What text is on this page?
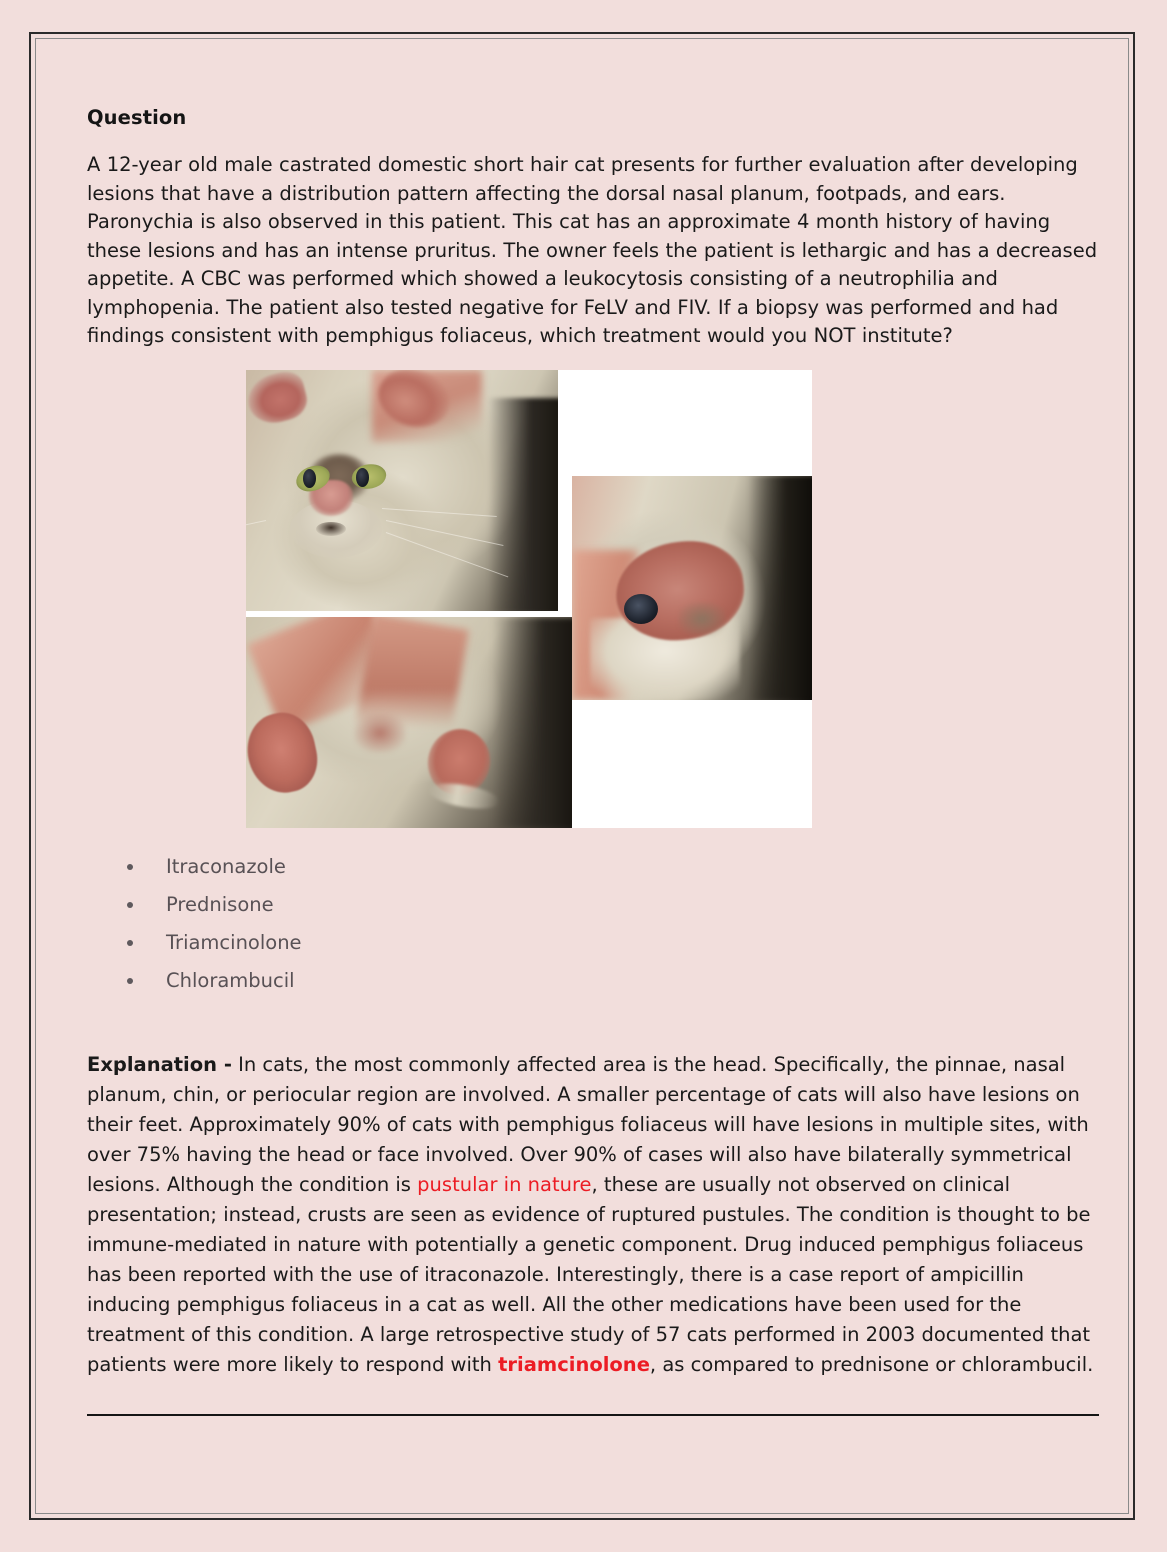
Question

A 12-year old male castrated domestic short hair cat presents for further evaluation after developing lesions that have a distribution pattern affecting the dorsal nasal planum, footpads, and ears. Paronychia is also observed in this patient. This cat has an approximate 4 month history of having these lesions and has an intense pruritus. The owner feels the patient is lethargic and has a decreased appetite. A CBC was performed which showed a leukocytosis consisting of a neutrophilia and lymphopenia. The patient also tested negative for FeLV and FIV. If a biopsy was performed and had findings consistent with pemphigus foliaceus, which treatment would you NOT institute?

Itraconazole
Prednisone
Triamcinolone
Chlorambucil

Explanation - In cats, the most commonly affected area is the head. Specifically, the pinnae, nasal planum, chin, or periocular region are involved. A smaller percentage of cats will also have lesions on their feet. Approximately 90% of cats with pemphigus foliaceus will have lesions in multiple sites, with over 75% having the head or face involved. Over 90% of cases will also have bilaterally symmetrical lesions. Although the condition is pustular in nature, these are usually not observed on clinical presentation; instead, crusts are seen as evidence of ruptured pustules. The condition is thought to be immune-mediated in nature with potentially a genetic component. Drug induced pemphigus foliaceus has been reported with the use of itraconazole. Interestingly, there is a case report of ampicillin inducing pemphigus foliaceus in a cat as well. All the other medications have been used for the treatment of this condition. A large retrospective study of 57 cats performed in 2003 documented that patients were more likely to respond with triamcinolone, as compared to prednisone or chlorambucil.
